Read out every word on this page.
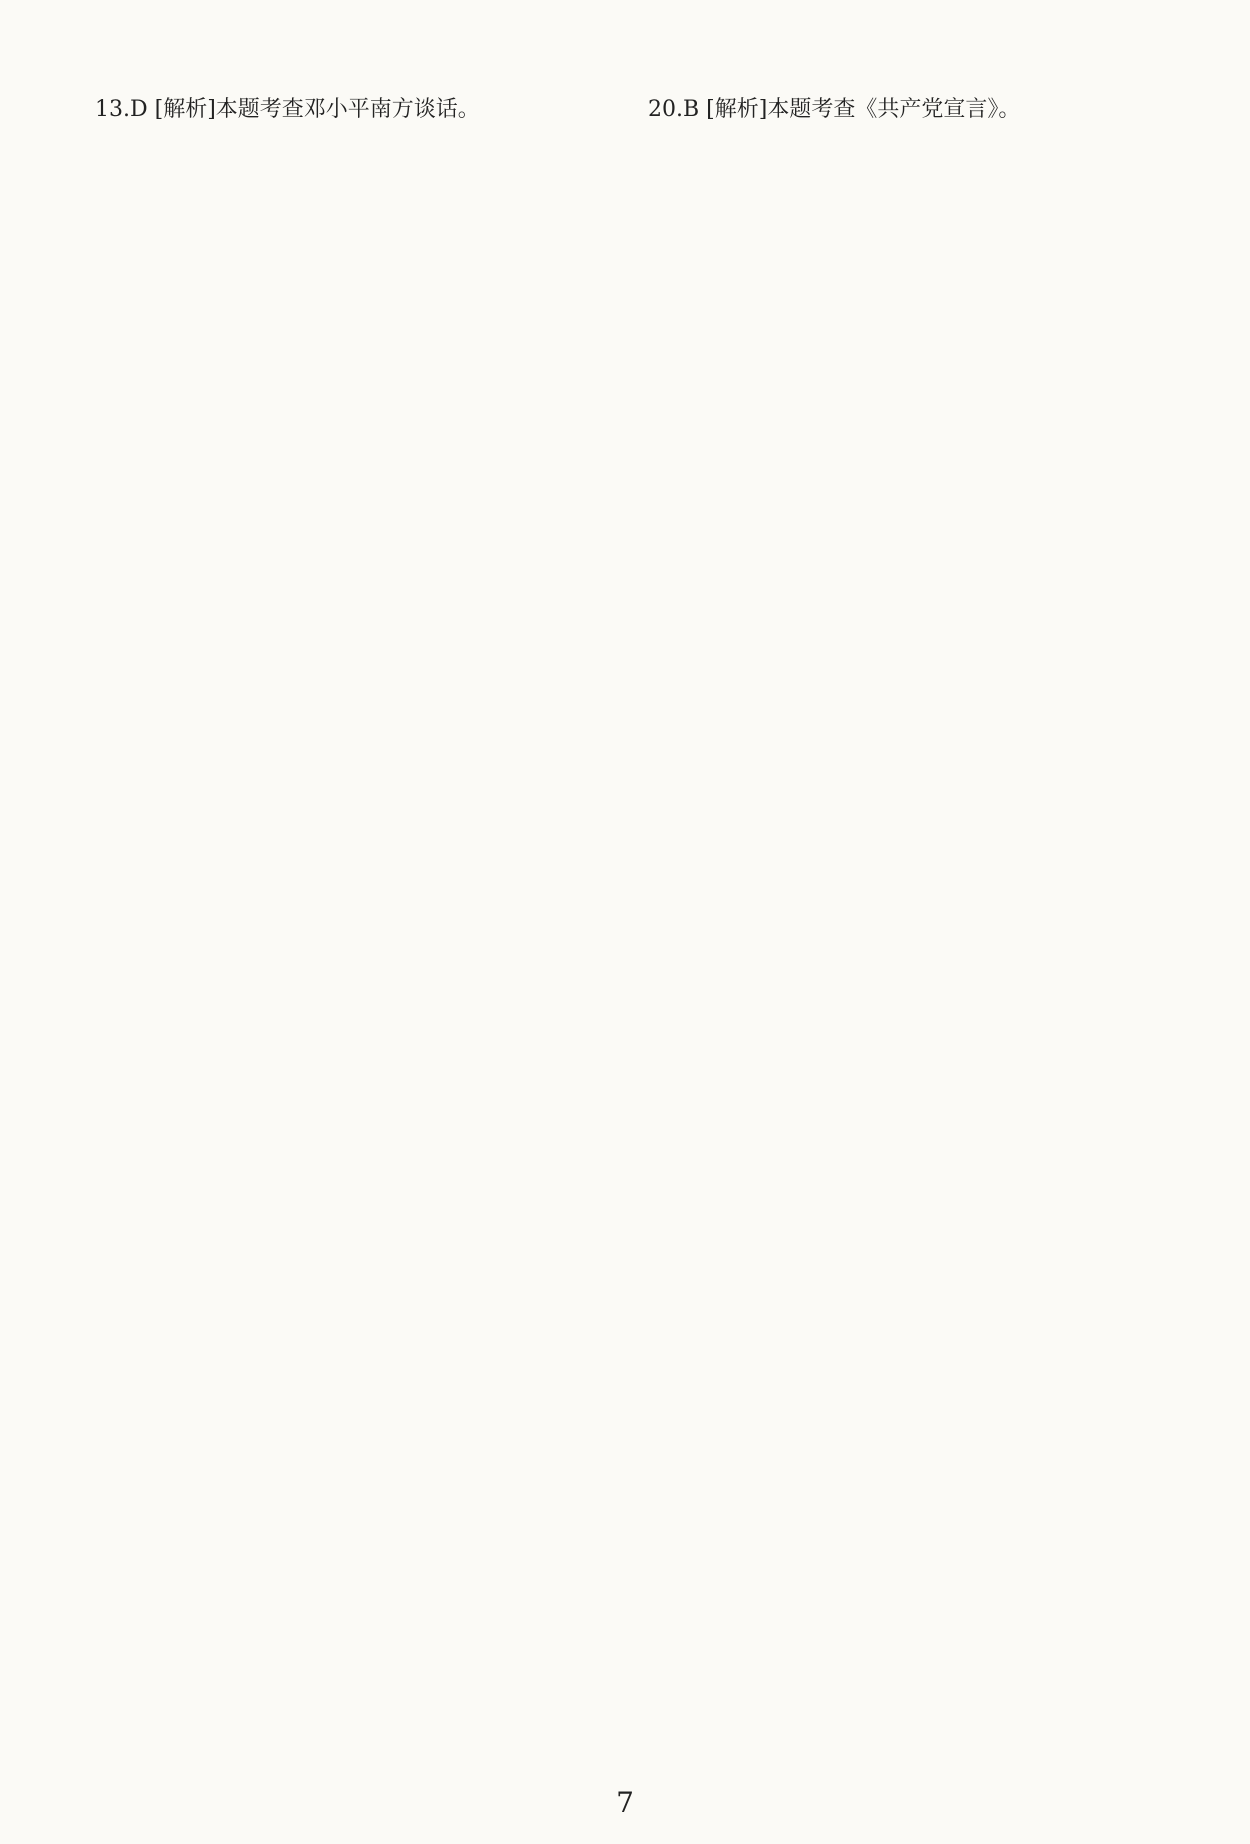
13.D [解析]本题考查邓小平南方谈话。	20.B [解析]本题考查《共产党宣言》。
7
